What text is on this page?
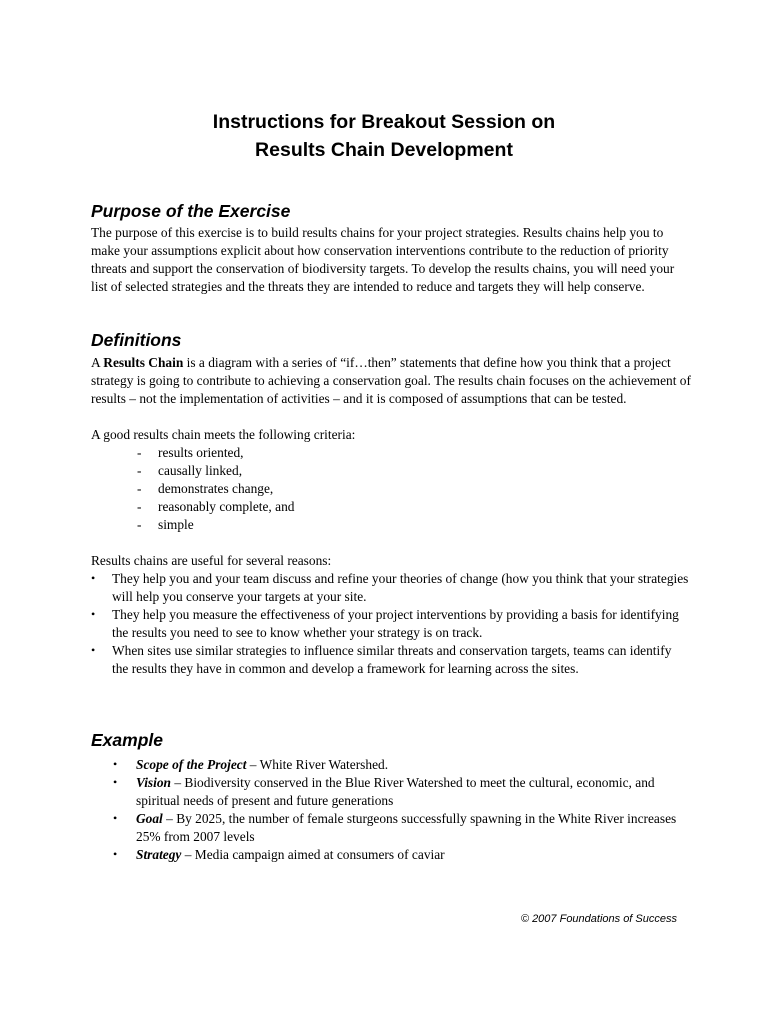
Instructions for Breakout Session on
Results Chain Development
Purpose of the Exercise

The purpose of this exercise is to build results chains for your project strategies. Results chains help you to make your assumptions explicit about how conservation interventions contribute to the reduction of priority threats and support the conservation of biodiversity targets. To develop the results chains, you will need your list of selected strategies and the threats they are intended to reduce and targets they will help conserve.

Definitions

A Results Chain is a diagram with a series of “if…then” statements that define how you think that a project strategy is going to contribute to achieving a conservation goal. The results chain focuses on the achievement of results – not the implementation of activities – and it is composed of assumptions that can be tested.

A good results chain meets the following criteria:

- results oriented,
- causally linked,
- demonstrates change,
- reasonably complete, and
- simple

Results chains are useful for several reasons:

• They help you and your team discuss and refine your theories of change (how you think that your strategies will help you conserve your targets at your site.
• They help you measure the effectiveness of your project interventions by providing a basis for identifying the results you need to see to know whether your strategy is on track.
• When sites use similar strategies to influence similar threats and conservation targets, teams can identify the results they have in common and develop a framework for learning across the sites.
Example
• Scope of the Project – White River Watershed.
• Vision – Biodiversity conserved in the Blue River Watershed to meet the cultural, economic, and spiritual needs of present and future generations
• Goal – By 2025, the number of female sturgeons successfully spawning in the White River increases 25% from 2007 levels
• Strategy – Media campaign aimed at consumers of caviar
© 2007 Foundations of Success
